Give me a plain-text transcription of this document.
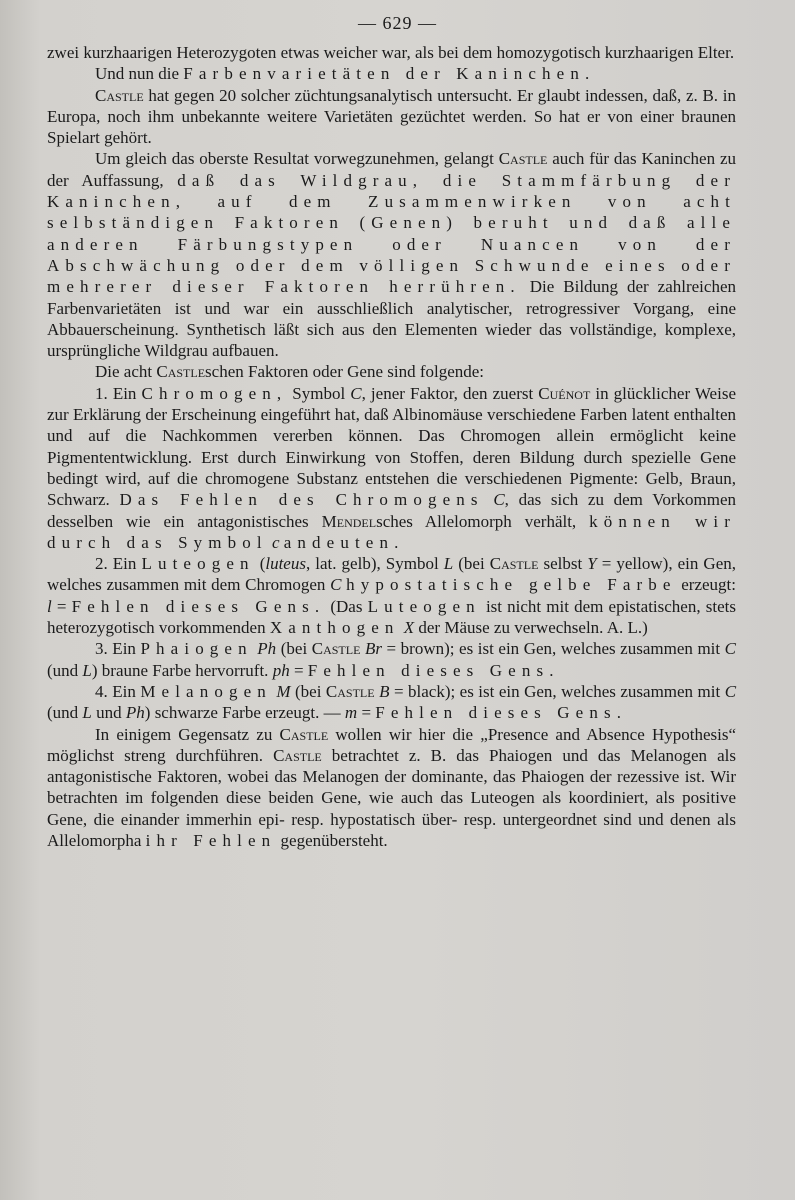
— 629 —

zwei kurzhaarigen Heterozygoten etwas weicher war, als bei dem homozygotisch kurzhaarigen Elter.

Und nun die Farbenvarietäten der Kaninchen.

Castle hat gegen 20 solcher züchtungsanalytisch untersucht. Er glaubt indessen, daß, z. B. in Europa, noch ihm unbekannte weitere Varietäten gezüchtet werden. So hat er von einer braunen Spielart gehört.

Um gleich das oberste Resultat vorwegzunehmen, gelangt Castle auch für das Kaninchen zu der Auffassung, daß das Wildgrau, die Stammfärbung der Kaninchen, auf dem Zusammenwirken von acht selbständigen Faktoren (Genen) beruht und daß alle anderen Färbungstypen oder Nuancen von der Abschwächung oder dem völligen Schwunde eines oder mehrerer dieser Faktoren herrühren. Die Bildung der zahlreichen Farbenvarietäten ist und war ein ausschließlich analytischer, retrogressiver Vorgang, eine Abbauerscheinung. Synthetisch läßt sich aus den Elementen wieder das vollständige, komplexe, ursprüngliche Wildgrau aufbauen.

Die acht Castleschen Faktoren oder Gene sind folgende:

1. Ein Chromogen, Symbol C, jener Faktor, den zuerst Cuénot in glücklicher Weise zur Erklärung der Erscheinung eingeführt hat, daß Albinomäuse verschiedene Farben latent enthalten und auf die Nachkommen vererben können. Das Chromogen allein ermöglicht keine Pigmententwicklung. Erst durch Einwirkung von Stoffen, deren Bildung durch spezielle Gene bedingt wird, auf die chromogene Substanz entstehen die verschiedenen Pigmente: Gelb, Braun, Schwarz. Das Fehlen des Chromogens C, das sich zu dem Vorkommen desselben wie ein antagonistisches Mendelsches Allelomorph verhält, können wir durch das Symbol c andeuten.

2. Ein Luteogen (luteus, lat. gelb), Symbol L (bei Castle selbst Y = yellow), ein Gen, welches zusammen mit dem Chromogen C hypostatische gelbe Farbe erzeugt: l = Fehlen dieses Gens. (Das Luteogen ist nicht mit dem epistatischen, stets heterozygotisch vorkommenden Xanthogen X der Mäuse zu verwechseln. A. L.)

3. Ein Phaiogen Ph (bei Castle Br = brown); es ist ein Gen, welches zusammen mit C (und L) braune Farbe hervorruft. ph = Fehlen dieses Gens.

4. Ein Melanogen M (bei Castle B = black); es ist ein Gen, welches zusammen mit C (und L und Ph) schwarze Farbe erzeugt. — m = Fehlen dieses Gens.

In einigem Gegensatz zu Castle wollen wir hier die „Presence and Absence Hypothesis“ möglichst streng durchführen. Castle betrachtet z. B. das Phaiogen und das Melanogen als antagonistische Faktoren, wobei das Melanogen der dominante, das Phaiogen der rezessive ist. Wir betrachten im folgenden diese beiden Gene, wie auch das Luteogen als koordiniert, als positive Gene, die einander immerhin epi- resp. hypostatisch über- resp. untergeordnet sind und denen als Allelomorpha ihr Fehlen gegenübersteht.
